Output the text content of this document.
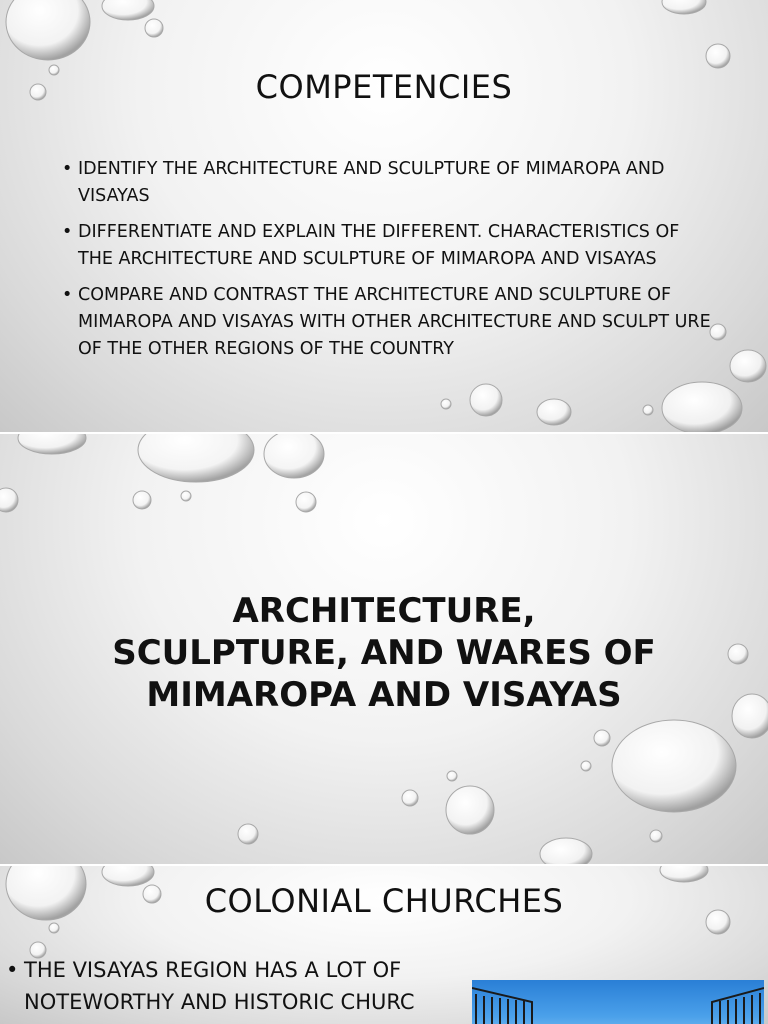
COMPETENCIES
• IDENTIFY THE ARCHITECTURE AND SCULPTURE OF MIMAROPA AND VISAYAS
• DIFFERENTIATE AND EXPLAIN THE DIFFERENT. CHARACTERISTICS OF THE ARCHITECTURE AND SCULPTURE OF MIMAROPA AND VISAYAS
• COMPARE AND CONTRAST THE ARCHITECTURE AND SCULPTURE OF MIMAROPA AND VISAYAS WITH OTHER ARCHITECTURE AND SCULPT URE OF THE OTHER REGIONS OF THE COUNTRY
ARCHITECTURE, SCULPTURE, AND WARES OF MIMAROPA AND VISAYAS
COLONIAL CHURCHES
• THE VISAYAS REGION HAS A LOT OF NOTEWORTHY AND HISTORIC CHURC
